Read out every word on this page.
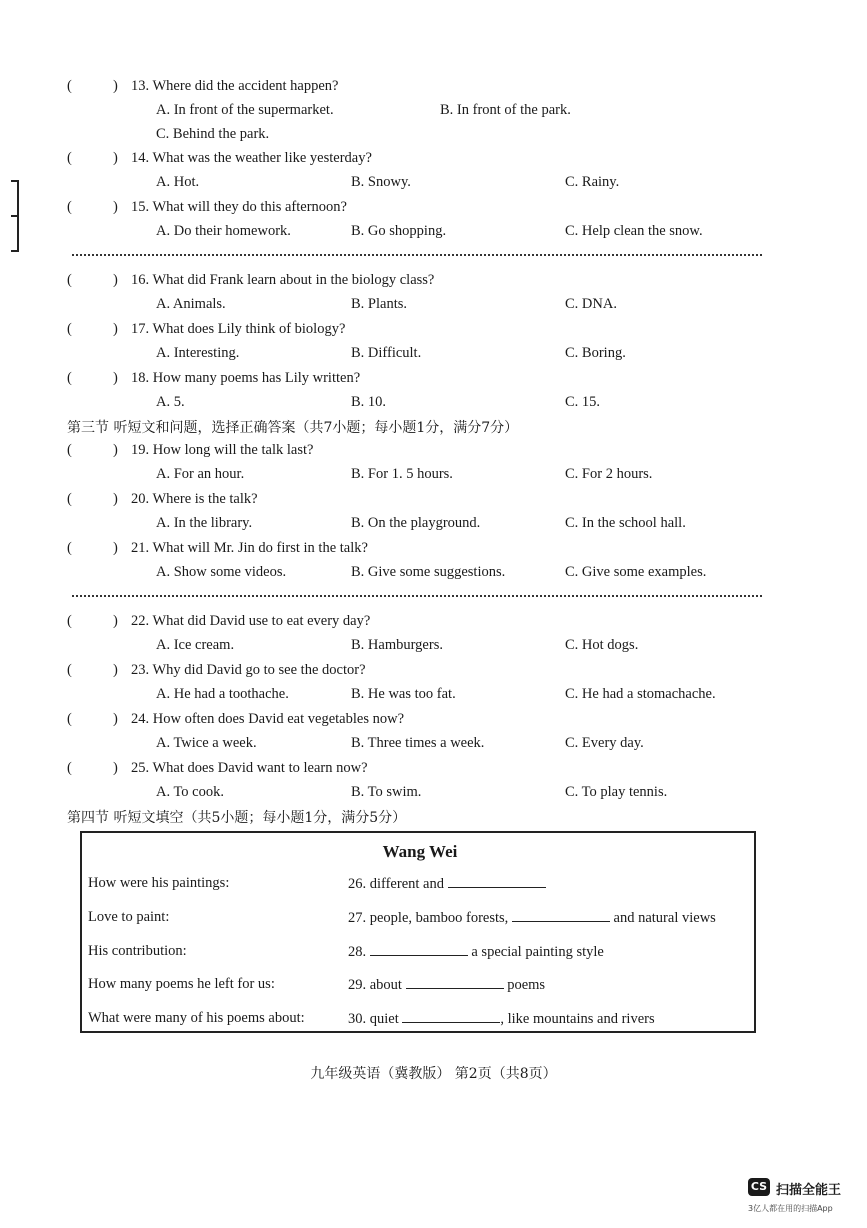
(	) 13. Where did the accident happen?
A. In front of the supermarket.	B. In front of the park.
C. Behind the park.
(	) 14. What was the weather like yesterday?
A. Hot.	B. Snowy.	C. Rainy.
(	) 15. What will they do this afternoon?
A. Do their homework.	B. Go shopping.	C. Help clean the snow.
(	) 16. What did Frank learn about in the biology class?
A. Animals.	B. Plants.	C. DNA.
(	) 17. What does Lily think of biology?
A. Interesting.	B. Difficult.	C. Boring.
(	) 18. How many poems has Lily written?
A. 5.	B. 10.	C. 15.
第三节 听短文和问题，选择正确答案（共7小题；每小题1分，满分7分）
(	) 19. How long will the talk last?
A. For an hour.	B. For 1. 5 hours.	C. For 2 hours.
(	) 20. Where is the talk?
A. In the library.	B. On the playground.	C. In the school hall.
(	) 21. What will Mr. Jin do first in the talk?
A. Show some videos.	B. Give some suggestions.	C. Give some examples.
(	) 22. What did David use to eat every day?
A. Ice cream.	B. Hamburgers.	C. Hot dogs.
(	) 23. Why did David go to see the doctor?
A. He had a toothache.	B. He was too fat.	C. He had a stomachache.
(	) 24. How often does David eat vegetables now?
A. Twice a week.	B. Three times a week.	C. Every day.
(	) 25. What does David want to learn now?
A. To cook.	B. To swim.	C. To play tennis.
第四节 听短文填空（共5小题；每小题1分，满分5分）
Wang Wei
How were his paintings:	26. different and
Love to paint:	27. people, bamboo forests,	and natural views
His contribution:	28.	a special painting style
How many poems he left for us:	29. about	poems
What were many of his poems about:	30. quiet	, like mountains and rivers
九年级英语（冀教版） 第2页（共8页）
CS 扫描全能王
3亿人都在用的扫描App
